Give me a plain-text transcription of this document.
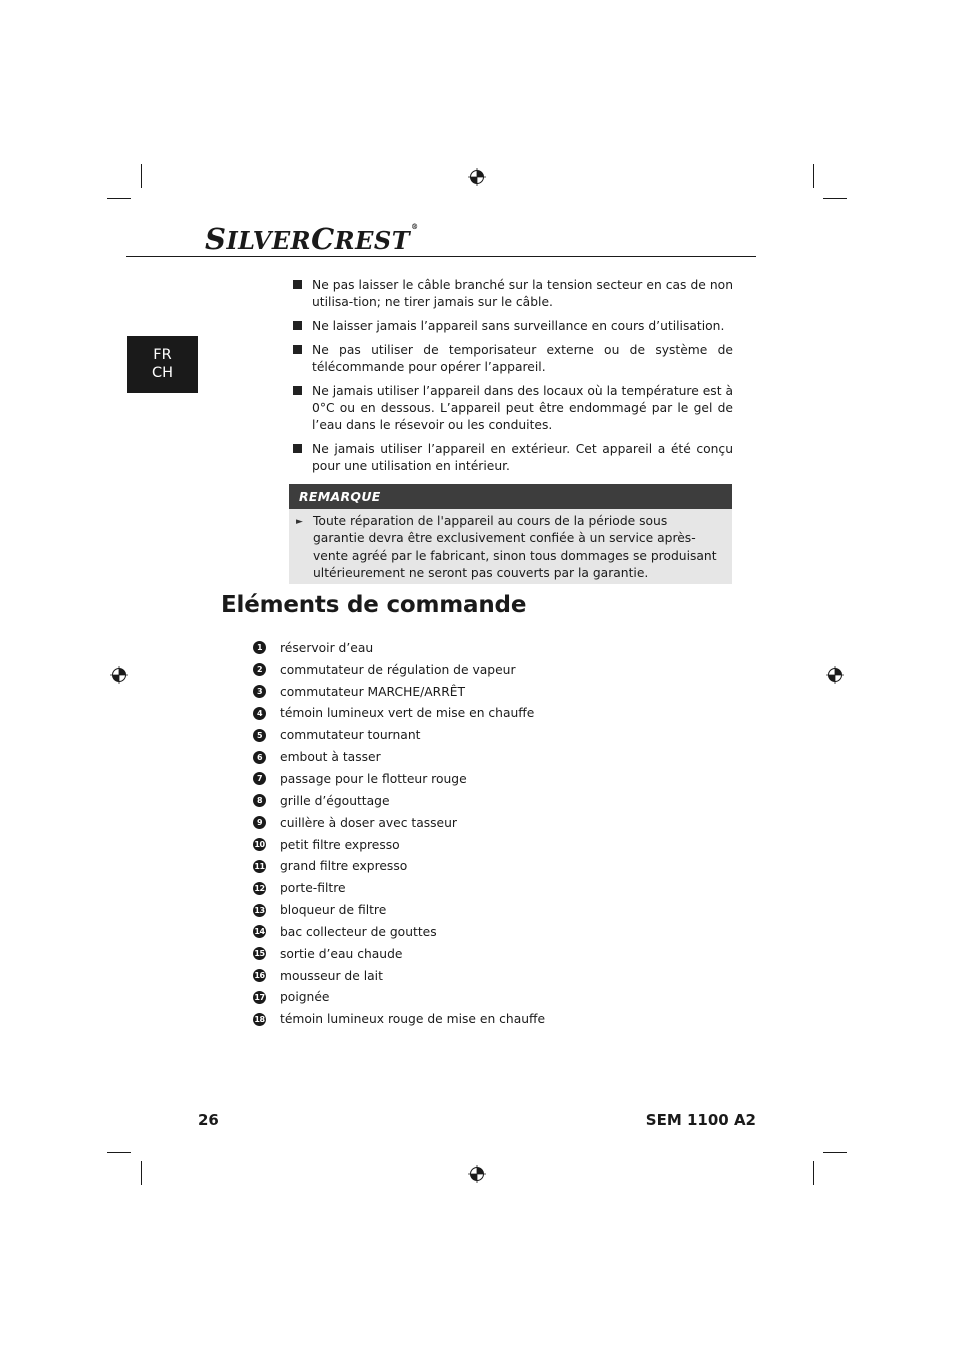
SILVERCREST®
FR
CH
Ne pas laisser le câble branché sur la tension secteur en cas de non utilisa-tion; ne tirer jamais sur le câble.
Ne laisser jamais l’appareil sans surveillance en cours d’utilisation.
Ne pas utiliser de temporisateur externe ou de système de télécommande pour opérer l’appareil.
Ne jamais utiliser l’appareil dans des locaux où la température est à 0°C ou en dessous. L’appareil peut être endommagé par le gel de l’eau dans le résevoir ou les conduites.
Ne jamais utiliser l’appareil en extérieur. Cet appareil a été conçu pour une utilisation en intérieur.
REMARQUE
► Toute réparation de l'appareil au cours de la période sous garantie devra être exclusivement confiée à un service après-vente agréé par le fabricant, sinon tous dommages se produisant ultérieurement ne seront pas couverts par la garantie.
Eléments de commande
1	réservoir d’eau
2	commutateur de régulation de vapeur
3	commutateur MARCHE/ARRÊT
4	témoin lumineux vert de mise en chauffe
5	commutateur tournant
6	embout à tasser
7	passage pour le flotteur rouge
8	grille d’égouttage
9	cuillère à doser avec tasseur
10 petit filtre expresso
11 grand filtre expresso
12 porte-filtre
13 bloqueur de filtre
14 bac collecteur de gouttes
15 sortie d’eau chaude
16 mousseur de lait
17 poignée
18 témoin lumineux rouge de mise en chauffe
26	SEM 1100 A2
